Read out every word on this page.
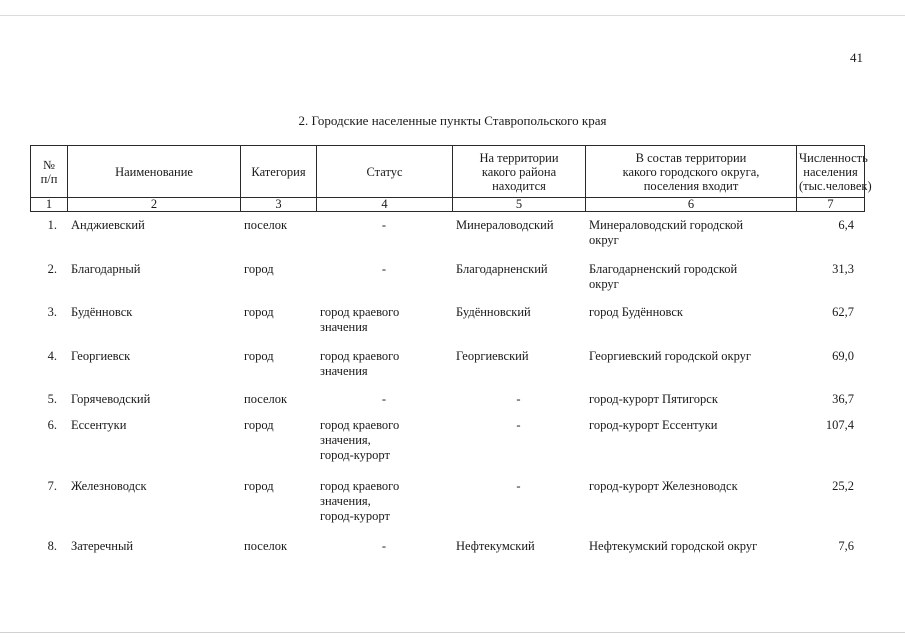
41
2. Городские населенные пункты Ставропольского края
№
п/п	Наименование	Категория	Статус	На территории
какого района
находится	В состав территории
какого городского округа,
поселения входит	Численность
населения
(тыс.человек)
1	2	3	4	5	6	7
1.	Анджиевский	поселок	-	Минераловодский	Минераловодский городской
округ	6,4
2.	Благодарный	город	-	Благодарненский	Благодарненский городской
округ	31,3
3.	Будённовск	город	город краевого
значения	Будённовский	город Будённовск	62,7
4.	Георгиевск	город	город краевого
значения	Георгиевский	Георгиевский городской округ	69,0
5.	Горячеводский	поселок	-	-	город-курорт Пятигорск	36,7
6.	Ессентуки	город	город краевого
значения,
город-курорт	-	город-курорт Ессентуки	107,4
7.	Железноводск	город	город краевого
значения,
город-курорт	-	город-курорт Железноводск	25,2
8.	Затеречный	поселок	-	Нефтекумский	Нефтекумский городской округ	7,6
